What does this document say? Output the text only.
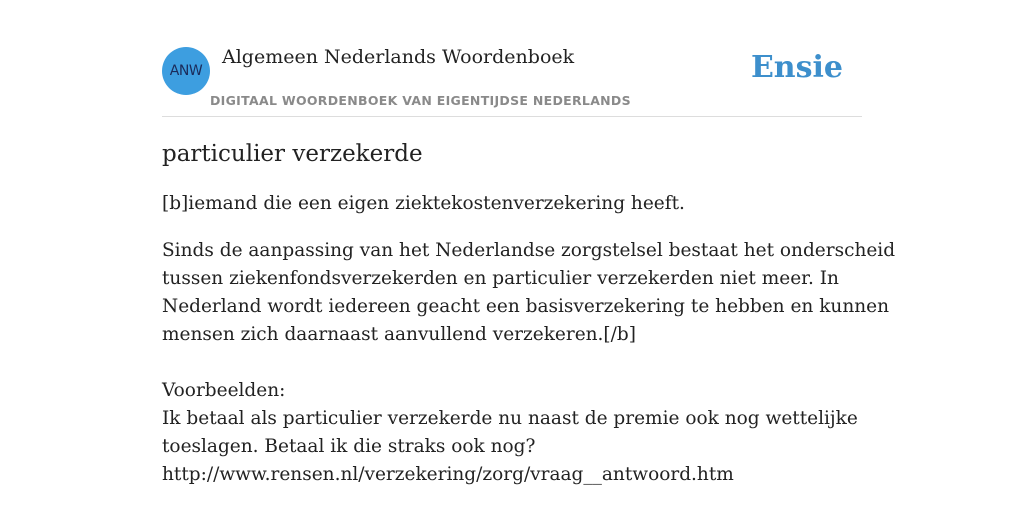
ANW
Algemeen Nederlands Woordenboek
DIGITAAL WOORDENBOEK VAN EIGENTIJDSE NEDERLANDS
Ensie
particulier verzekerde

[b]iemand die een eigen ziektekostenverzekering heeft.

Sinds de aanpassing van het Nederlandse zorgstelsel bestaat het onderscheid
tussen ziekenfondsverzekerden en particulier verzekerden niet meer. In
Nederland wordt iedereen geacht een basisverzekering te hebben en kunnen
mensen zich daarnaast aanvullend verzekeren.[/b]
Voorbeelden:
Ik betaal als particulier verzekerde nu naast de premie ook nog wettelijke
toeslagen. Betaal ik die straks ook nog?
http://www.rensen.nl/verzekering/zorg/vraag__antwoord.htm
